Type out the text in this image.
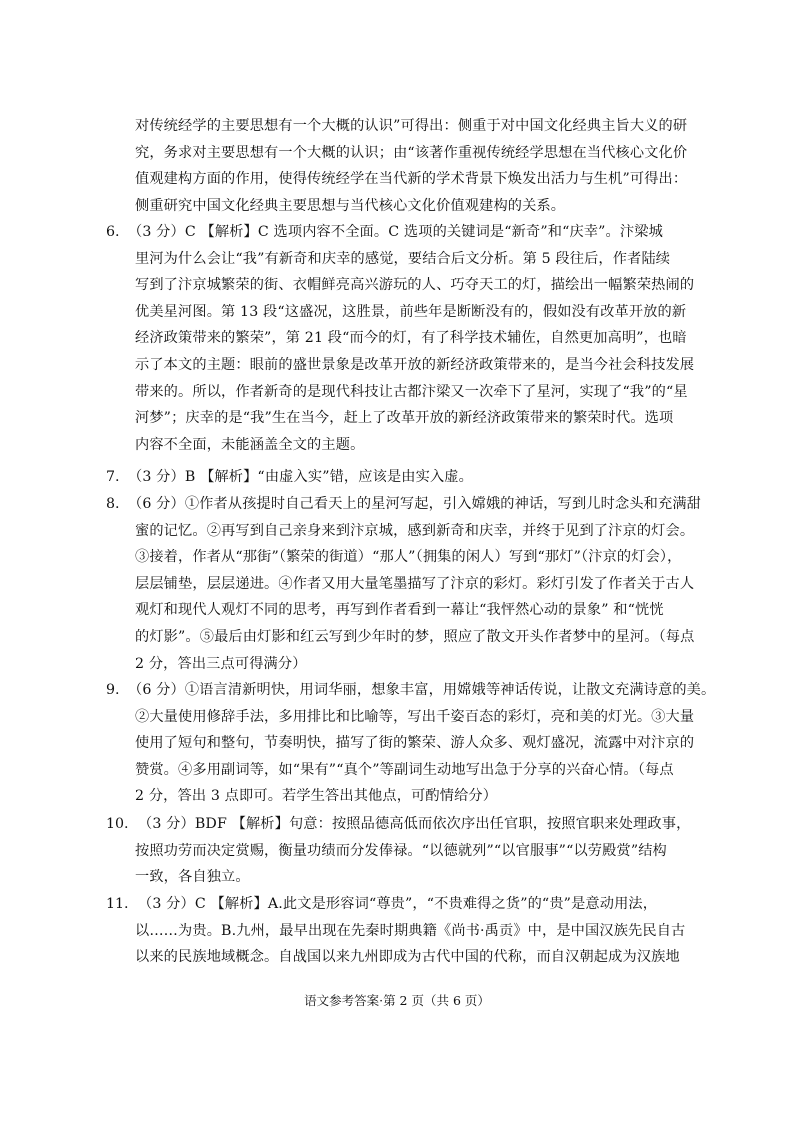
对传统经学的主要思想有一个大概的认识”可得出：侧重于对中国文化经典主旨大义的研
究，务求对主要思想有一个大概的认识；由“该著作重视传统经学思想在当代核心文化价
值观建构方面的作用，使得传统经学在当代新的学术背景下焕发出活力与生机”可得出：
侧重研究中国文化经典主要思想与当代核心文化价值观建构的关系。
6. （3 分）C 【解析】C 选项内容不全面。C 选项的关键词是“新奇”和“庆幸”。汴梁城
里河为什么会让“我”有新奇和庆幸的感觉，要结合后文分析。第 5 段往后，作者陆续
写到了汴京城繁荣的街、衣帽鲜亮高兴游玩的人、巧夺天工的灯，描绘出一幅繁荣热闹的
优美星河图。第 13 段“这盛况，这胜景，前些年是断断没有的，假如没有改革开放的新
经济政策带来的繁荣”，第 21 段“而今的灯，有了科学技术辅佐，自然更加高明”，也暗
示了本文的主题：眼前的盛世景象是改革开放的新经济政策带来的，是当今社会科技发展
带来的。所以，作者新奇的是现代科技让古都汴梁又一次牵下了星河，实现了“我”的“星
河梦”；庆幸的是“我”生在当今，赶上了改革开放的新经济政策带来的繁荣时代。选项
内容不全面，未能涵盖全文的主题。
7. （3 分）B 【解析】“由虚入实”错，应该是由实入虚。
8. （6 分）①作者从孩提时自己看天上的星河写起，引入嫦娥的神话，写到儿时念头和充满甜
蜜的记忆。②再写到自己亲身来到汴京城，感到新奇和庆幸，并终于见到了汴京的灯会。
③接着，作者从“那街”（繁荣的街道）“那人”（拥集的闲人）写到“那灯”（汴京的灯会），
层层铺垫，层层递进。④作者又用大量笔墨描写了汴京的彩灯。彩灯引发了作者关于古人
观灯和现代人观灯不同的思考，再写到作者看到一幕让“我怦然心动的景象” 和“恍恍
的灯影”。⑤最后由灯影和红云写到少年时的梦，照应了散文开头作者梦中的星河。（每点
2 分，答出三点可得满分）
9. （6 分）①语言清新明快，用词华丽，想象丰富，用嫦娥等神话传说，让散文充满诗意的美。
②大量使用修辞手法，多用排比和比喻等，写出千姿百态的彩灯，亮和美的灯光。③大量
使用了短句和整句，节奏明快，描写了街的繁荣、游人众多、观灯盛况，流露中对汴京的
赞赏。④多用副词等，如“果有”“真个”等副词生动地写出急于分享的兴奋心情。（每点
2 分，答出 3 点即可。若学生答出其他点，可酌情给分）
10. （3 分）BDF 【解析】句意：按照品德高低而依次序出任官职，按照官职来处理政事，
按照功劳而决定赏赐，衡量功绩而分发俸禄。“以德就列”“以官服事”“以劳殿赏”结构
一致，各自独立。
11. （3 分）C 【解析】A.此文是形容词“尊贵”，“不贵难得之货”的“贵”是意动用法，
以……为贵。B.九州，最早出现在先秦时期典籍《尚书·禹贡》中，是中国汉族先民自古
以来的民族地域概念。自战国以来九州即成为古代中国的代称，而自汉朝起成为汉族地
语文参考答案·第 2 页（共 6 页）
